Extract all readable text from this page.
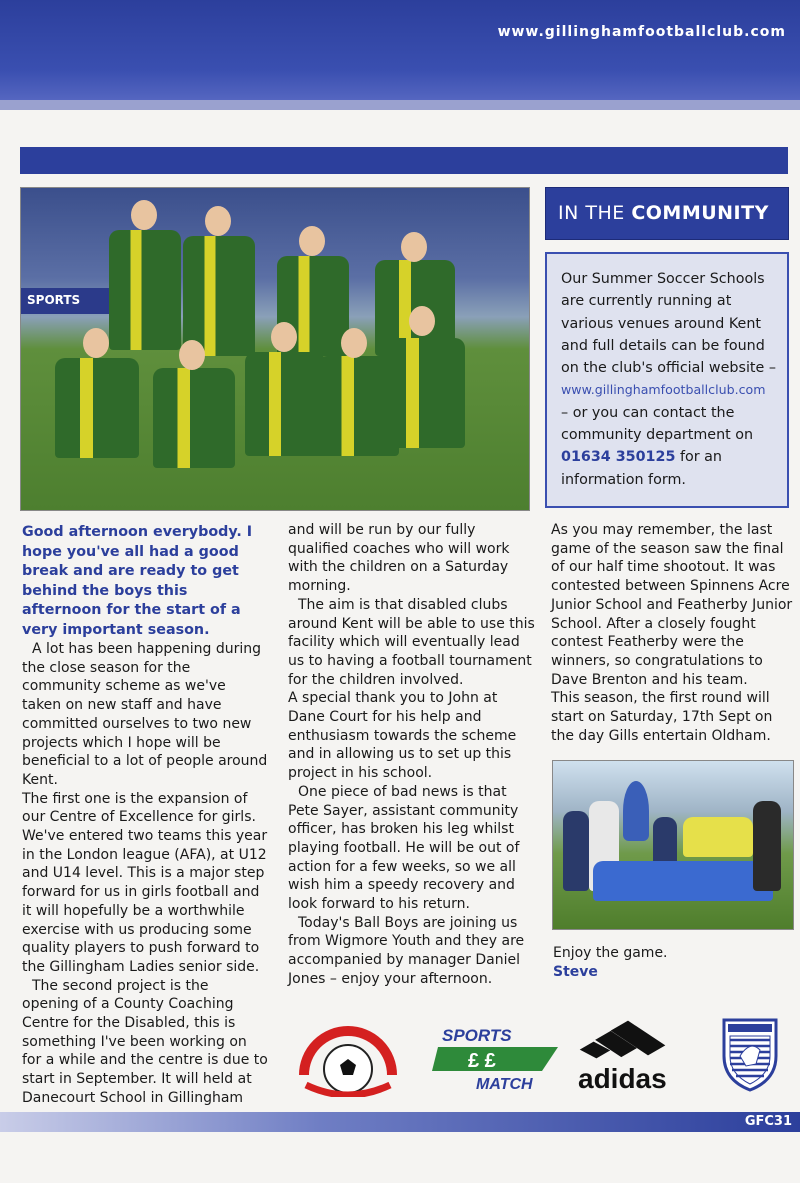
www.gillinghamfootballclub.com
SPORTS
IN THE COMMUNITY
Our Summer Soccer Schools are currently running at various venues around Kent and full details can be found on the club's official website – www.gillinghamfootballclub.com – or you can contact the community department on 01634 350125 for an information form.

Good afternoon everybody. I hope you've all had a good break and are ready to get behind the boys this afternoon for the start of a very important season.

A lot has been happening during the close season for the community scheme as we've taken on new staff and have committed ourselves to two new projects which I hope will be beneficial to a lot of people around Kent.

The first one is the expansion of our Centre of Excellence for girls. We've entered two teams this year in the London league (AFA), at U12 and U14 level. This is a major step forward for us in girls football and it will hopefully be a worthwhile exercise with us producing some quality players to push forward to the Gillingham Ladies senior side.

The second project is the opening of a County Coaching Centre for the Disabled, this is something I've been working on for a while and the centre is due to start in September. It will held at Danecourt School in Gillingham

and will be run by our fully qualified coaches who will work with the children on a Saturday morning.

The aim is that disabled clubs around Kent will be able to use this facility which will eventually lead us to having a football tournament for the children involved.

A special thank you to John at Dane Court for his help and enthusiasm towards the scheme and in allowing us to set up this project in his school.

One piece of bad news is that Pete Sayer, assistant community officer, has broken his leg whilst playing football. He will be out of action for a few weeks, so we all wish him a speedy recovery and look forward to his return.

Today's Ball Boys are joining us from Wigmore Youth and they are accompanied by manager Daniel Jones – enjoy your afternoon.

As you may remember, the last game of the season saw the final of our half time shootout. It was contested between Spinnens Acre Junior School and Featherby Junior School. After a closely fought contest Featherby were the winners, so congratulations to Dave Brenton and his team.

This season, the first round will start on Saturday, 17th Sept on the day Gills entertain Oldham.

Enjoy the game.

Steve

SPORTS
£ £
MATCH adidas
GFC31
